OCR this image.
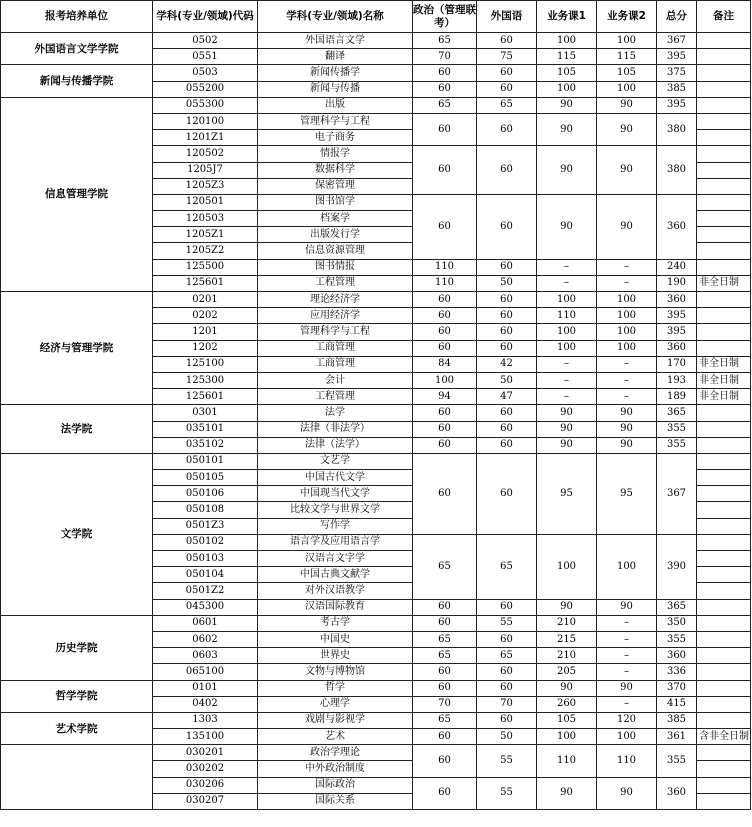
报考培养单位	学科(专业/领域)代码	学科(专业/领域)名称	政治（管理联考）	外国语	业务课1	业务课2	总分	备注
外国语言文学学院	0502	外国语言文学	65	60	100	100	367	
	0551	翻译	70	75	115	115	395	
新闻与传播学院	0503	新闻传播学	60	60	105	105	375	
	055200	新闻与传播	60	60	100	100	385	
信息管理学院	055300	出版	65	65	90	90	395	
	120100	管理科学与工程	60	60	90	90	380	
	1201Z1	电子商务						
	120502	情报学	60	60	90	90	380	
	1205J7	数据科学						
	1205Z3	保密管理						
	120501	图书馆学	60	60	90	90	360	
	120503	档案学						
	1205Z1	出版发行学						
	1205Z2	信息资源管理						
	125500	图书情报	110	60	–	–	240	
	125601	工程管理	110	50	–	–	190	非全日制
经济与管理学院	0201	理论经济学	60	60	100	100	360	
	0202	应用经济学	60	60	110	100	395	
	1201	管理科学与工程	60	60	100	100	395	
	1202	工商管理	60	60	100	100	360	
	125100	工商管理	84	42	–	–	170	非全日制
	125300	会计	100	50	–	–	193	非全日制
	125601	工程管理	94	47	–	–	189	非全日制
法学院	0301	法学	60	60	90	90	365	
	035101	法律（非法学）	60	60	90	90	355	
	035102	法律（法学）	60	60	90	90	355	
文学院	050101	文艺学	60	60	95	95	367	
	050105	中国古代文学						
	050106	中国现当代文学						
	050108	比较文学与世界文学						
	0501Z3	写作学						
	050102	语言学及应用语言学	65	65	100	100	390	
	050103	汉语言文字学						
	050104	中国古典文献学						
	0501Z2	对外汉语教学						
	045300	汉语国际教育	60	60	90	90	365	
历史学院	0601	考古学	60	55	210	–	350	
	0602	中国史	65	60	215	–	355	
	0603	世界史	65	65	210	–	360	
	065100	文物与博物馆	60	60	205	–	336	
哲学学院	0101	哲学	60	60	90	90	370	
	0402	心理学	70	70	260	–	415	
艺术学院	1303	戏剧与影视学	65	60	105	120	385	
	135100	艺术	60	50	100	100	361	含非全日制
	030201	政治学理论	60	55	110	110	355	
	030202	中外政治制度						
	030206	国际政治	60	55	90	90	360	
	030207	国际关系						
